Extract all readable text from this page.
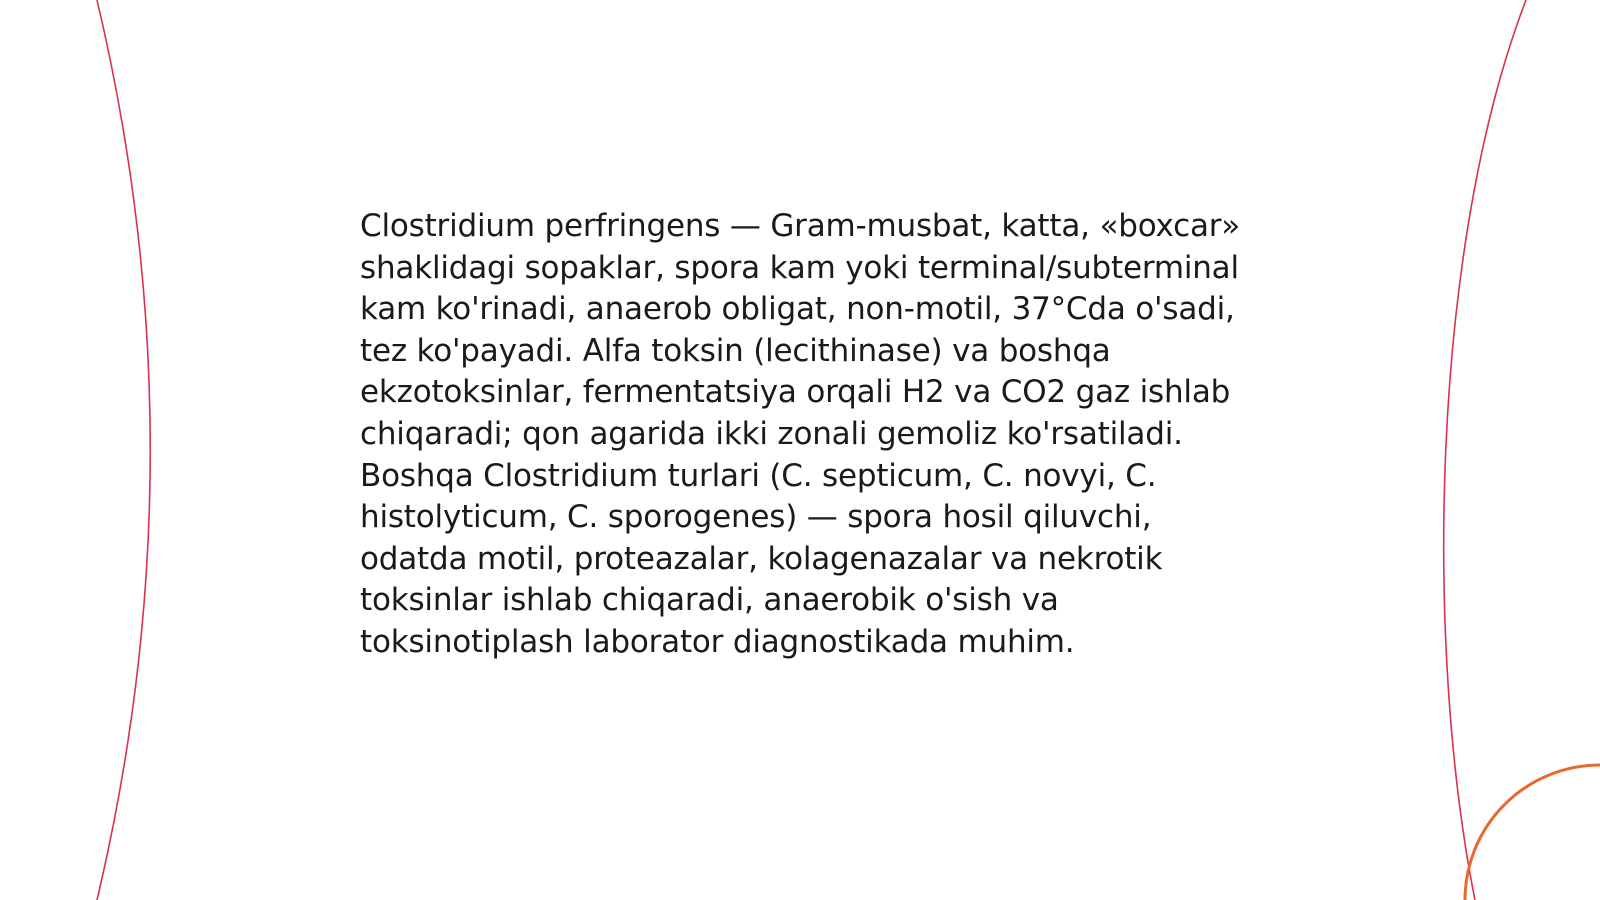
Clostridium perfringens — Gram-musbat, katta, «boxcar» shaklidagi sopaklar, spora kam yoki terminal/subterminal kam ko'rinadi, anaerob obligat, non-motil, 37°Cda o'sadi, tez ko'payadi. Alfa toksin (lecithinase) va boshqa ekzotoksinlar, fermentatsiya orqali H2 va CO2 gaz ishlab chiqaradi; qon agarida ikki zonali gemoliz ko'rsatiladi. Boshqa Clostridium turlari (C. septicum, C. novyi, C. histolyticum, C. sporogenes) — spora hosil qiluvchi, odatda motil, proteazalar, kolagenazalar va nekrotik toksinlar ishlab chiqaradi, anaerobik o'sish va toksinotiplash laborator diagnostikada muhim.
